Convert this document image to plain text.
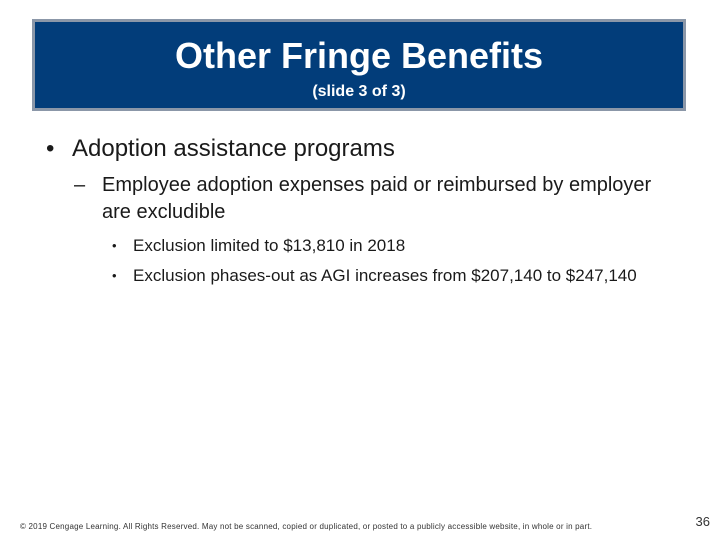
Other Fringe Benefits
(slide 3 of 3)
• Adoption assistance programs
– Employee adoption expenses paid or reimbursed by employer are excludible
• Exclusion limited to $13,810 in 2018
• Exclusion phases-out as AGI increases from $207,140 to $247,140
© 2019 Cengage Learning. All Rights Reserved. May not be scanned, copied or duplicated, or posted to a publicly accessible website, in whole or in part.	36
